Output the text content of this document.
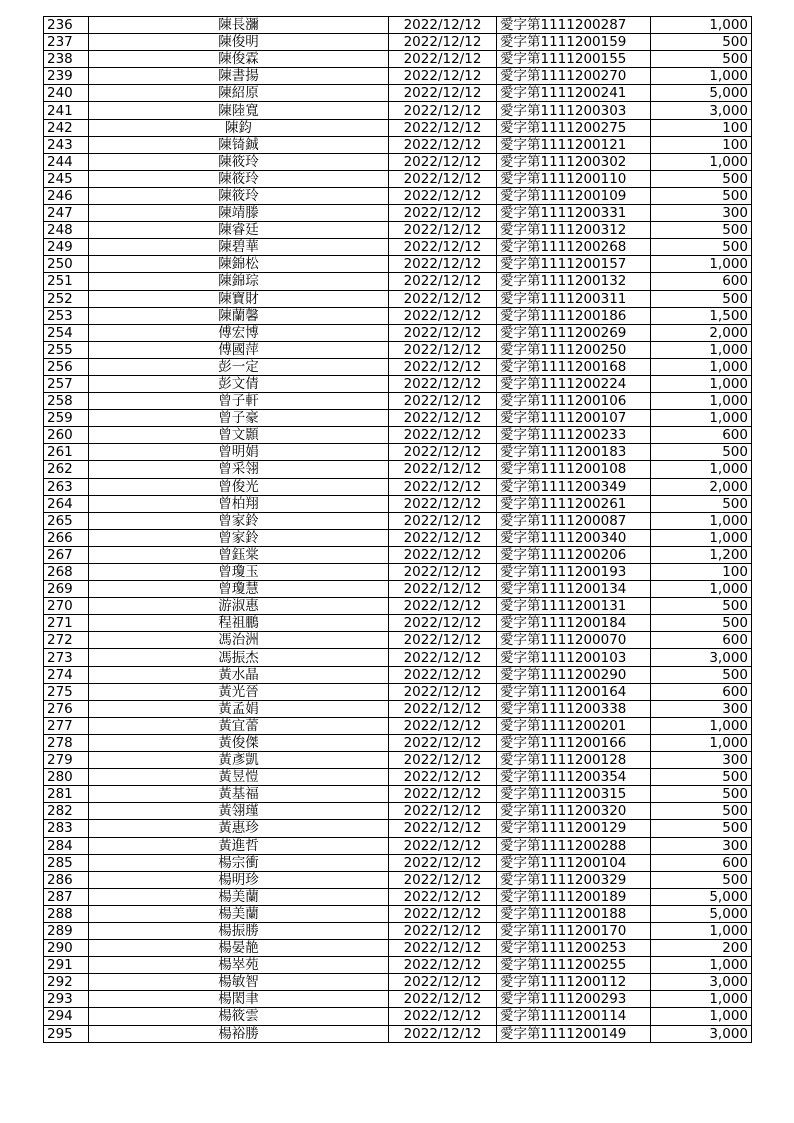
236	陳長瀰	2022/12/12	愛字第1111200287	1,000
237	陳俊明	2022/12/12	愛字第1111200159	500
238	陳俊霖	2022/12/12	愛字第1111200155	500
239	陳書揚	2022/12/12	愛字第1111200270	1,000
240	陳紹原	2022/12/12	愛字第1111200241	5,000
241	陳陸寬	2022/12/12	愛字第1111200303	3,000
242	陳鈞	2022/12/12	愛字第1111200275	100
243	陳锜鋮	2022/12/12	愛字第1111200121	100
244	陳筱玲	2022/12/12	愛字第1111200302	1,000
245	陳筱玲	2022/12/12	愛字第1111200110	500
246	陳筱玲	2022/12/12	愛字第1111200109	500
247	陳靖滕	2022/12/12	愛字第1111200331	300
248	陳睿廷	2022/12/12	愛字第1111200312	500
249	陳碧華	2022/12/12	愛字第1111200268	500
250	陳錦松	2022/12/12	愛字第1111200157	1,000
251	陳錦琮	2022/12/12	愛字第1111200132	600
252	陳寶財	2022/12/12	愛字第1111200311	500
253	陳蘭馨	2022/12/12	愛字第1111200186	1,500
254	傅宏博	2022/12/12	愛字第1111200269	2,000
255	傅國萍	2022/12/12	愛字第1111200250	1,000
256	彭一定	2022/12/12	愛字第1111200168	1,000
257	彭文倩	2022/12/12	愛字第1111200224	1,000
258	曾子軒	2022/12/12	愛字第1111200106	1,000
259	曾子豪	2022/12/12	愛字第1111200107	1,000
260	曾文顥	2022/12/12	愛字第1111200233	600
261	曾明娟	2022/12/12	愛字第1111200183	500
262	曾采翎	2022/12/12	愛字第1111200108	1,000
263	曾俊光	2022/12/12	愛字第1111200349	2,000
264	曾柏翔	2022/12/12	愛字第1111200261	500
265	曾家鈴	2022/12/12	愛字第1111200087	1,000
266	曾家鈴	2022/12/12	愛字第1111200340	1,000
267	曾鈺棠	2022/12/12	愛字第1111200206	1,200
268	曾瓊玉	2022/12/12	愛字第1111200193	100
269	曾瓊慧	2022/12/12	愛字第1111200134	1,000
270	游淑惠	2022/12/12	愛字第1111200131	500
271	程祖鵬	2022/12/12	愛字第1111200184	500
272	馮治洲	2022/12/12	愛字第1111200070	600
273	馮振杰	2022/12/12	愛字第1111200103	3,000
274	黃水晶	2022/12/12	愛字第1111200290	500
275	黃光晉	2022/12/12	愛字第1111200164	600
276	黃孟娟	2022/12/12	愛字第1111200338	300
277	黃宜蕾	2022/12/12	愛字第1111200201	1,000
278	黃俊傑	2022/12/12	愛字第1111200166	1,000
279	黃彥凱	2022/12/12	愛字第1111200128	300
280	黃昱愷	2022/12/12	愛字第1111200354	500
281	黃基福	2022/12/12	愛字第1111200315	500
282	黃翎瑾	2022/12/12	愛字第1111200320	500
283	黃惠珍	2022/12/12	愛字第1111200129	500
284	黃進哲	2022/12/12	愛字第1111200288	300
285	楊宗衝	2022/12/12	愛字第1111200104	600
286	楊明珍	2022/12/12	愛字第1111200329	500
287	楊美蘭	2022/12/12	愛字第1111200189	5,000
288	楊美蘭	2022/12/12	愛字第1111200188	5,000
289	楊振勝	2022/12/12	愛字第1111200170	1,000
290	楊晏靘	2022/12/12	愛字第1111200253	200
291	楊崒苑	2022/12/12	愛字第1111200255	1,000
292	楊敏智	2022/12/12	愛字第1111200112	3,000
293	楊閎聿	2022/12/12	愛字第1111200293	1,000
294	楊筱雲	2022/12/12	愛字第1111200114	1,000
295	楊裕勝	2022/12/12	愛字第1111200149	3,000
